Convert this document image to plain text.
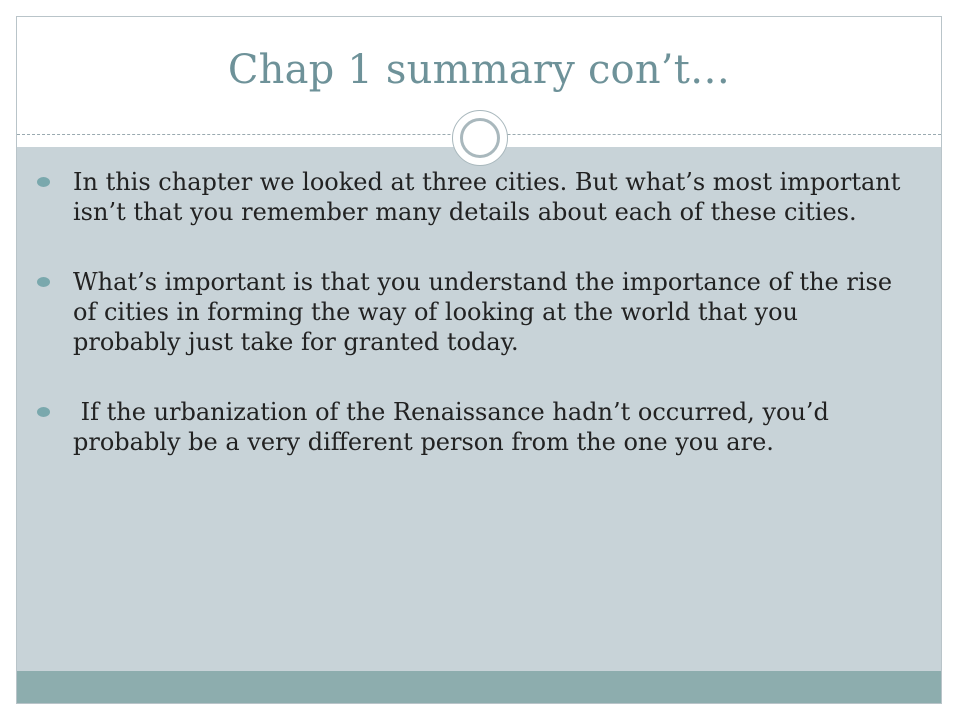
Chap 1 summary con’t…
In this chapter we looked at three cities. But what’s most important isn’t that you remember many details about each of these cities.
What’s important is that you understand the importance of the rise of cities in forming the way of looking at the world that you probably just take for granted today.
If the urbanization of the Renaissance hadn’t occurred, you’d probably be a very different person from the one you are.
